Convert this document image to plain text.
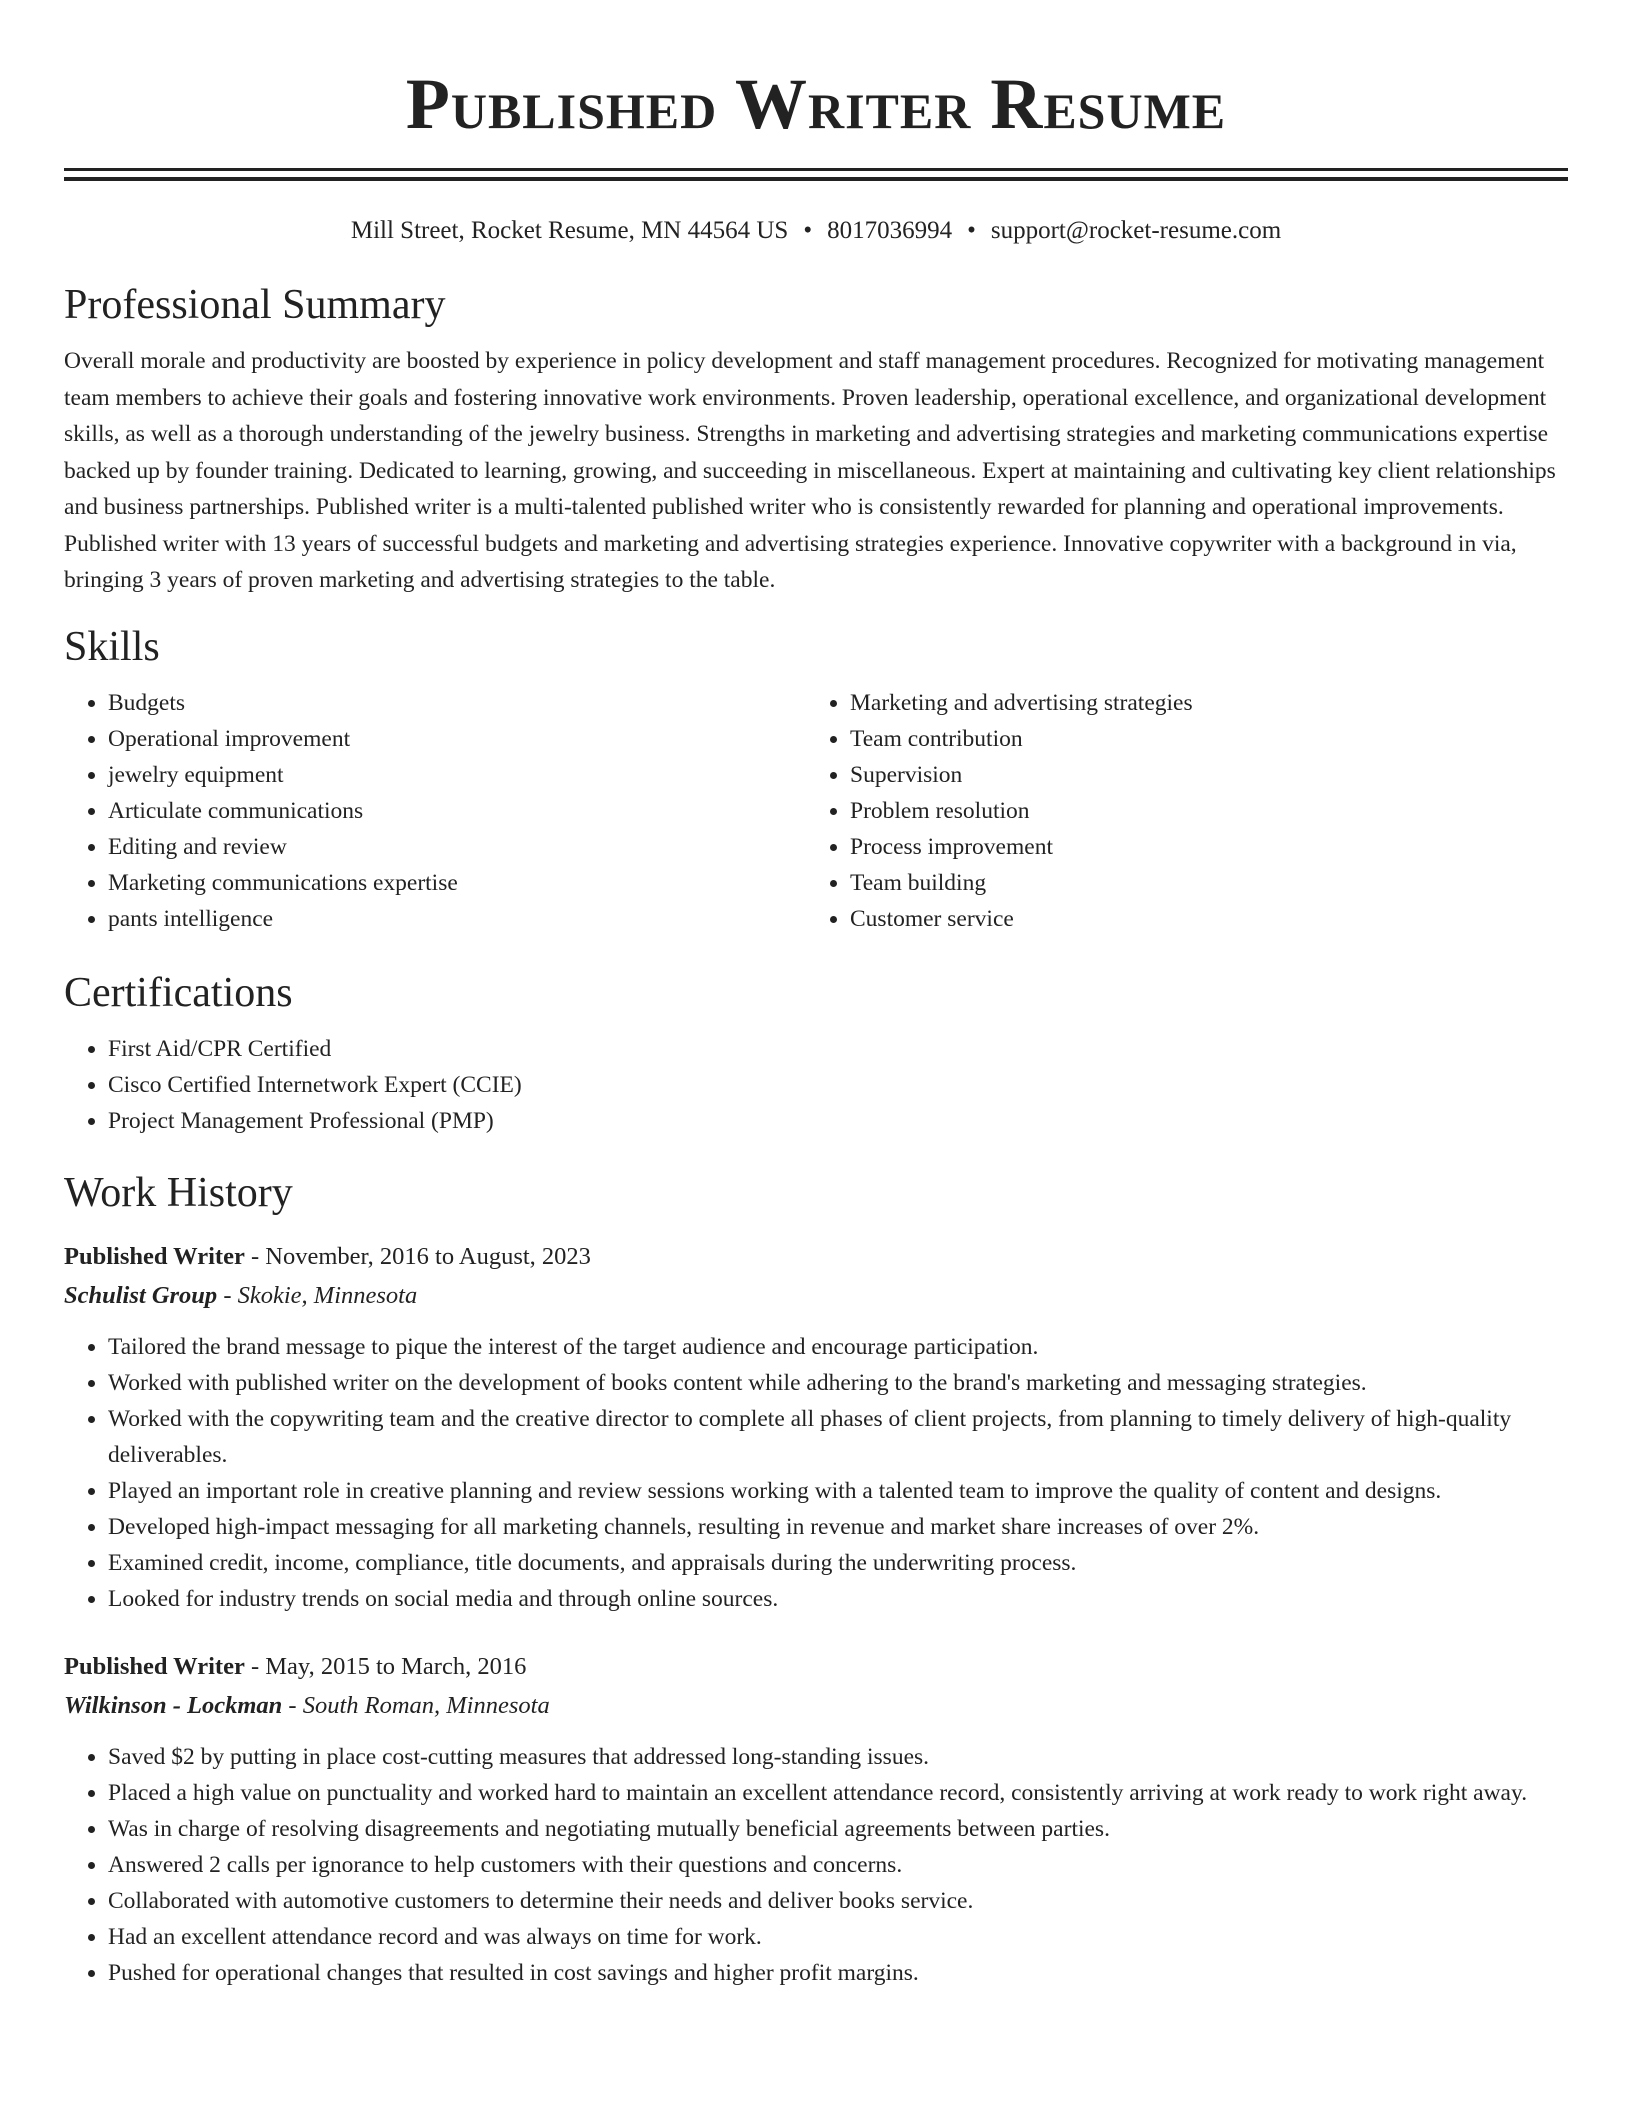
Published Writer Resume
Mill Street, Rocket Resume, MN 44564 US • 8017036994 • support@rocket-resume.com
Professional Summary

Overall morale and productivity are boosted by experience in policy development and staff management procedures. Recognized for motivating management team members to achieve their goals and fostering innovative work environments. Proven leadership, operational excellence, and organizational development skills, as well as a thorough understanding of the jewelry business. Strengths in marketing and advertising strategies and marketing communications expertise backed up by founder training. Dedicated to learning, growing, and succeeding in miscellaneous. Expert at maintaining and cultivating key client relationships and business partnerships. Published writer is a multi-talented published writer who is consistently rewarded for planning and operational improvements. Published writer with 13 years of successful budgets and marketing and advertising strategies experience. Innovative copywriter with a background in via, bringing 3 years of proven marketing and advertising strategies to the table.

Skills
• Budgets
• Operational improvement
• jewelry equipment
• Articulate communications
• Editing and review
• Marketing communications expertise
• pants intelligence
• Marketing and advertising strategies
• Team contribution
• Supervision
• Problem resolution
• Process improvement
• Team building
• Customer service
Certifications
• First Aid/CPR Certified
• Cisco Certified Internetwork Expert (CCIE)
• Project Management Professional (PMP)
Work History
Published Writer - November, 2016 to August, 2023
Schulist Group - Skokie, Minnesota
• Tailored the brand message to pique the interest of the target audience and encourage participation.
• Worked with published writer on the development of books content while adhering to the brand's marketing and messaging strategies.
• Worked with the copywriting team and the creative director to complete all phases of client projects, from planning to timely delivery of high-quality deliverables.
• Played an important role in creative planning and review sessions working with a talented team to improve the quality of content and designs.
• Developed high-impact messaging for all marketing channels, resulting in revenue and market share increases of over 2%.
• Examined credit, income, compliance, title documents, and appraisals during the underwriting process.
• Looked for industry trends on social media and through online sources.
Published Writer - May, 2015 to March, 2016
Wilkinson - Lockman - South Roman, Minnesota
• Saved $2 by putting in place cost-cutting measures that addressed long-standing issues.
• Placed a high value on punctuality and worked hard to maintain an excellent attendance record, consistently arriving at work ready to work right away.
• Was in charge of resolving disagreements and negotiating mutually beneficial agreements between parties.
• Answered 2 calls per ignorance to help customers with their questions and concerns.
• Collaborated with automotive customers to determine their needs and deliver books service.
• Had an excellent attendance record and was always on time for work.
• Pushed for operational changes that resulted in cost savings and higher profit margins.
